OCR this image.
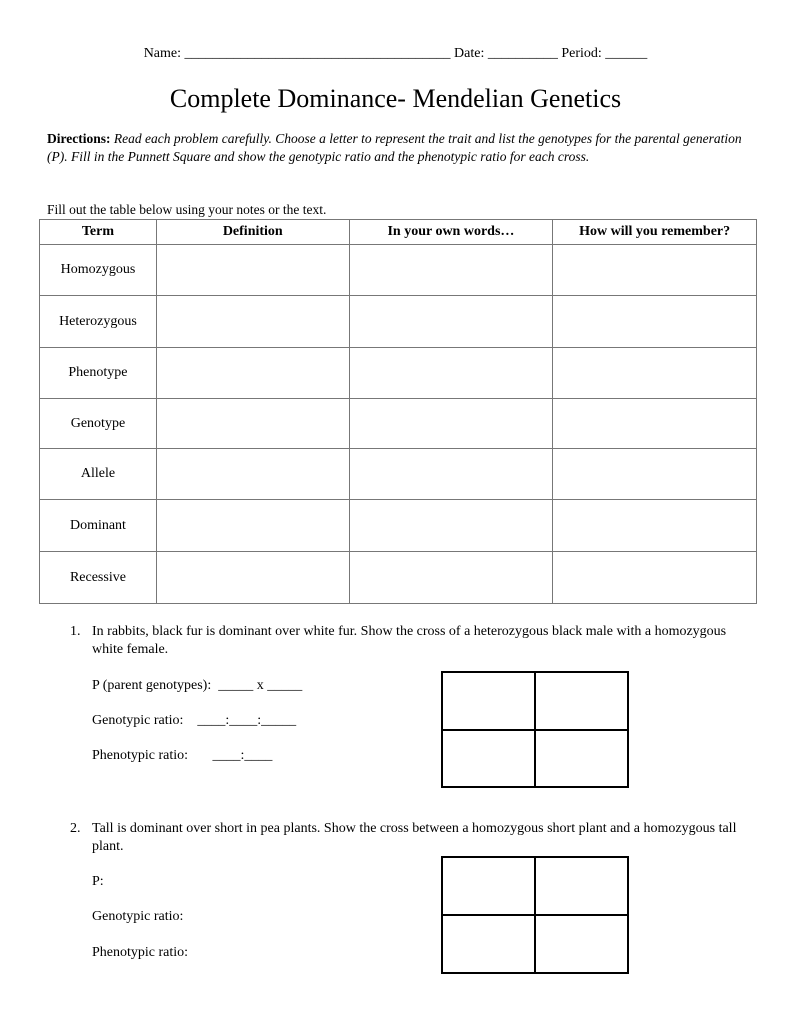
Name: ______________________________________ Date: __________ Period: ______
Complete Dominance- Mendelian Genetics
Directions: Read each problem carefully. Choose a letter to represent the trait and list the genotypes for the parental generation (P). Fill in the Punnett Square and show the genotypic ratio and the phenotypic ratio for each cross.
Fill out the table below using your notes or the text.
Term	Definition	In your own words…	How will you remember?
Homozygous			
Heterozygous			
Phenotype			
Genotype			
Allele			
Dominant			
Recessive			
1. In rabbits, black fur is dominant over white fur. Show the cross of a heterozygous black male with a homozygous white female.
P (parent genotypes):  _____ x _____
Genotypic ratio:    ____:____:_____
Phenotypic ratio:       ____:____
2. Tall is dominant over short in pea plants. Show the cross between a homozygous short plant and a homozygous tall plant.
P:
Genotypic ratio:
Phenotypic ratio:
